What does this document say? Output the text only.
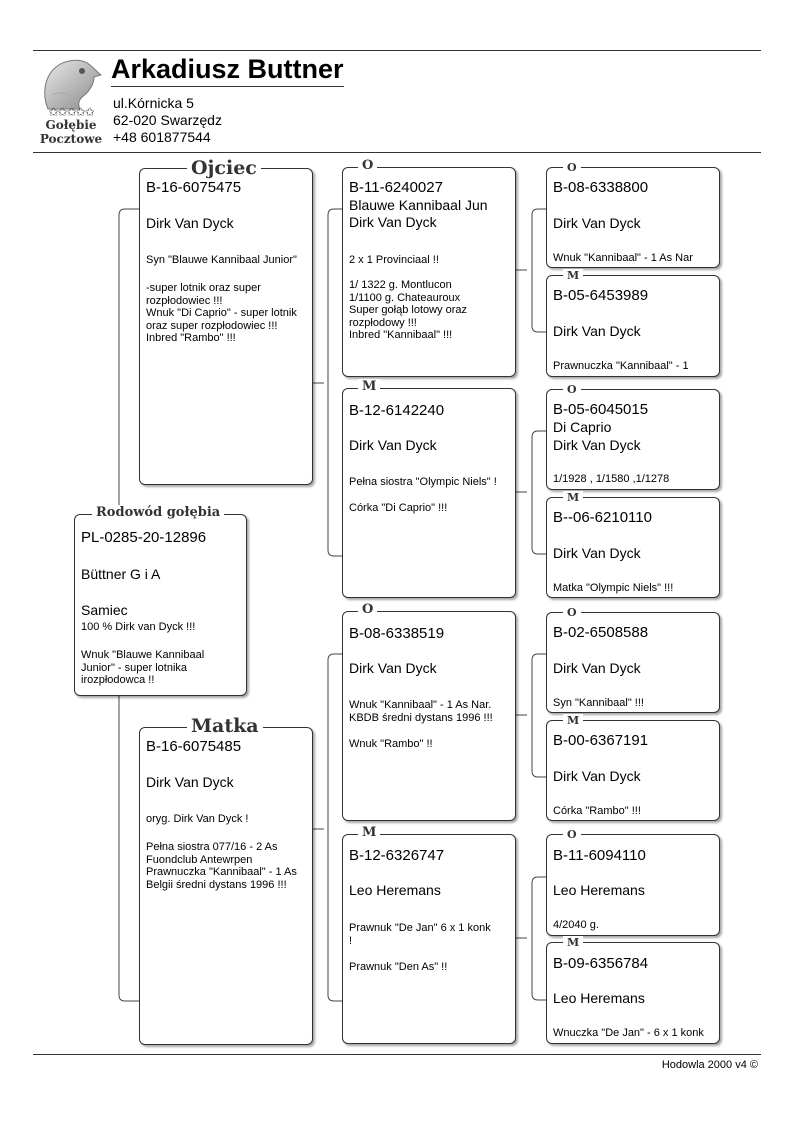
✩✩✩✩✩
Gołębie
Pocztowe
Arkadiusz Buttner
ul.Kórnicka 5
62-020 Swarzędz
+48 601877544
PL-0285-20-12896
Büttner G i A
Samiec
100 % Dirk van Dyck !!!
Wnuk "Blauwe Kannibaal
Junior" - super lotnika
irozpłodowca !!
Rodowód gołębia
B-16-6075475
Dirk Van Dyck
Syn "Blauwe Kannibaal Junior"
-super lotnik oraz super
rozpłodowiec !!!
Wnuk "Di Caprio" - super lotnik
oraz super rozpłodowiec !!!
Inbred "Rambo" !!!
Ojciec
B-16-6075485
Dirk Van Dyck
oryg. Dirk Van Dyck !
Pełna siostra 077/16 - 2 As
Fuondclub Antewrpen
Prawnuczka "Kannibaal" - 1 As
Belgii średni dystans 1996 !!!
Matka
B-11-6240027
Blauwe Kannibaal Jun
Dirk Van Dyck
2 x 1 Provinciaal !!
1/ 1322 g. Montlucon
1/1100 g. Chateauroux
Super gołąb lotowy oraz
rozpłodowy !!!
Inbred "Kannibaal" !!!
O
B-12-6142240
Dirk Van Dyck
Pełna siostra "Olympic Niels" !
Córka "Di Caprio" !!!
M
B-08-6338519
Dirk Van Dyck
Wnuk "Kannibaal" - 1 As Nar.
KBDB średni dystans 1996 !!!
Wnuk "Rambo" !!
O
B-12-6326747
Leo Heremans
Prawnuk "De Jan" 6 x 1 konk
!
Prawnuk "Den As" !!
M
B-08-6338800
Dirk Van Dyck
Wnuk "Kannibaal" - 1 As Nar
O
B-05-6453989
Dirk Van Dyck
Prawnuczka "Kannibaal" - 1
M
B-05-6045015
Di Caprio
Dirk Van Dyck
1/1928 , 1/1580 ,1/1278
O
B--06-6210110
Dirk Van Dyck
Matka "Olympic Niels" !!!
M
B-02-6508588
Dirk Van Dyck
Syn "Kannibaal" !!!
O
B-00-6367191
Dirk Van Dyck
Córka "Rambo" !!!
M
B-11-6094110
Leo Heremans
4/2040 g.
O
B-09-6356784
Leo Heremans
Wnuczka "De Jan" - 6 x 1 konk
M
Hodowla 2000 v4 ©
